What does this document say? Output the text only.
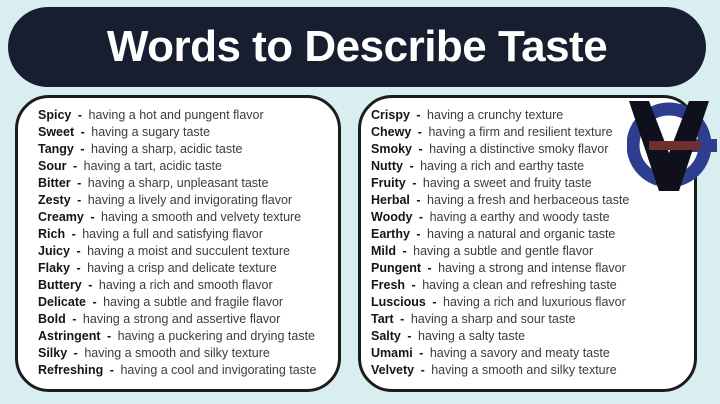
Words to Describe Taste
Spicy - having a hot and pungent flavor
Sweet - having a sugary taste
Tangy - having a sharp, acidic taste
Sour - having a tart, acidic taste
Bitter - having a sharp, unpleasant taste
Zesty - having a lively and invigorating flavor
Creamy - having a smooth and velvety texture
Rich - having a full and satisfying flavor
Juicy - having a moist and succulent texture
Flaky - having a crisp and delicate texture
Buttery - having a rich and smooth flavor
Delicate - having a subtle and fragile flavor
Bold - having a strong and assertive flavor
Astringent - having a puckering and drying taste
Silky - having a smooth and silky texture
Refreshing - having a cool and invigorating taste
Crispy - having a crunchy texture
Chewy - having a firm and resilient texture
Smoky - having a distinctive smoky flavor
Nutty - having a rich and earthy taste
Fruity - having a sweet and fruity taste
Herbal - having a fresh and herbaceous taste
Woody - having a earthy and woody taste
Earthy - having a natural and organic taste
Mild - having a subtle and gentle flavor
Pungent - having a strong and intense flavor
Fresh - having a clean and refreshing taste
Luscious - having a rich and luxurious flavor
Tart - having a sharp and sour taste
Salty - having a salty taste
Umami - having a savory and meaty taste
Velvety - having a smooth and silky texture
